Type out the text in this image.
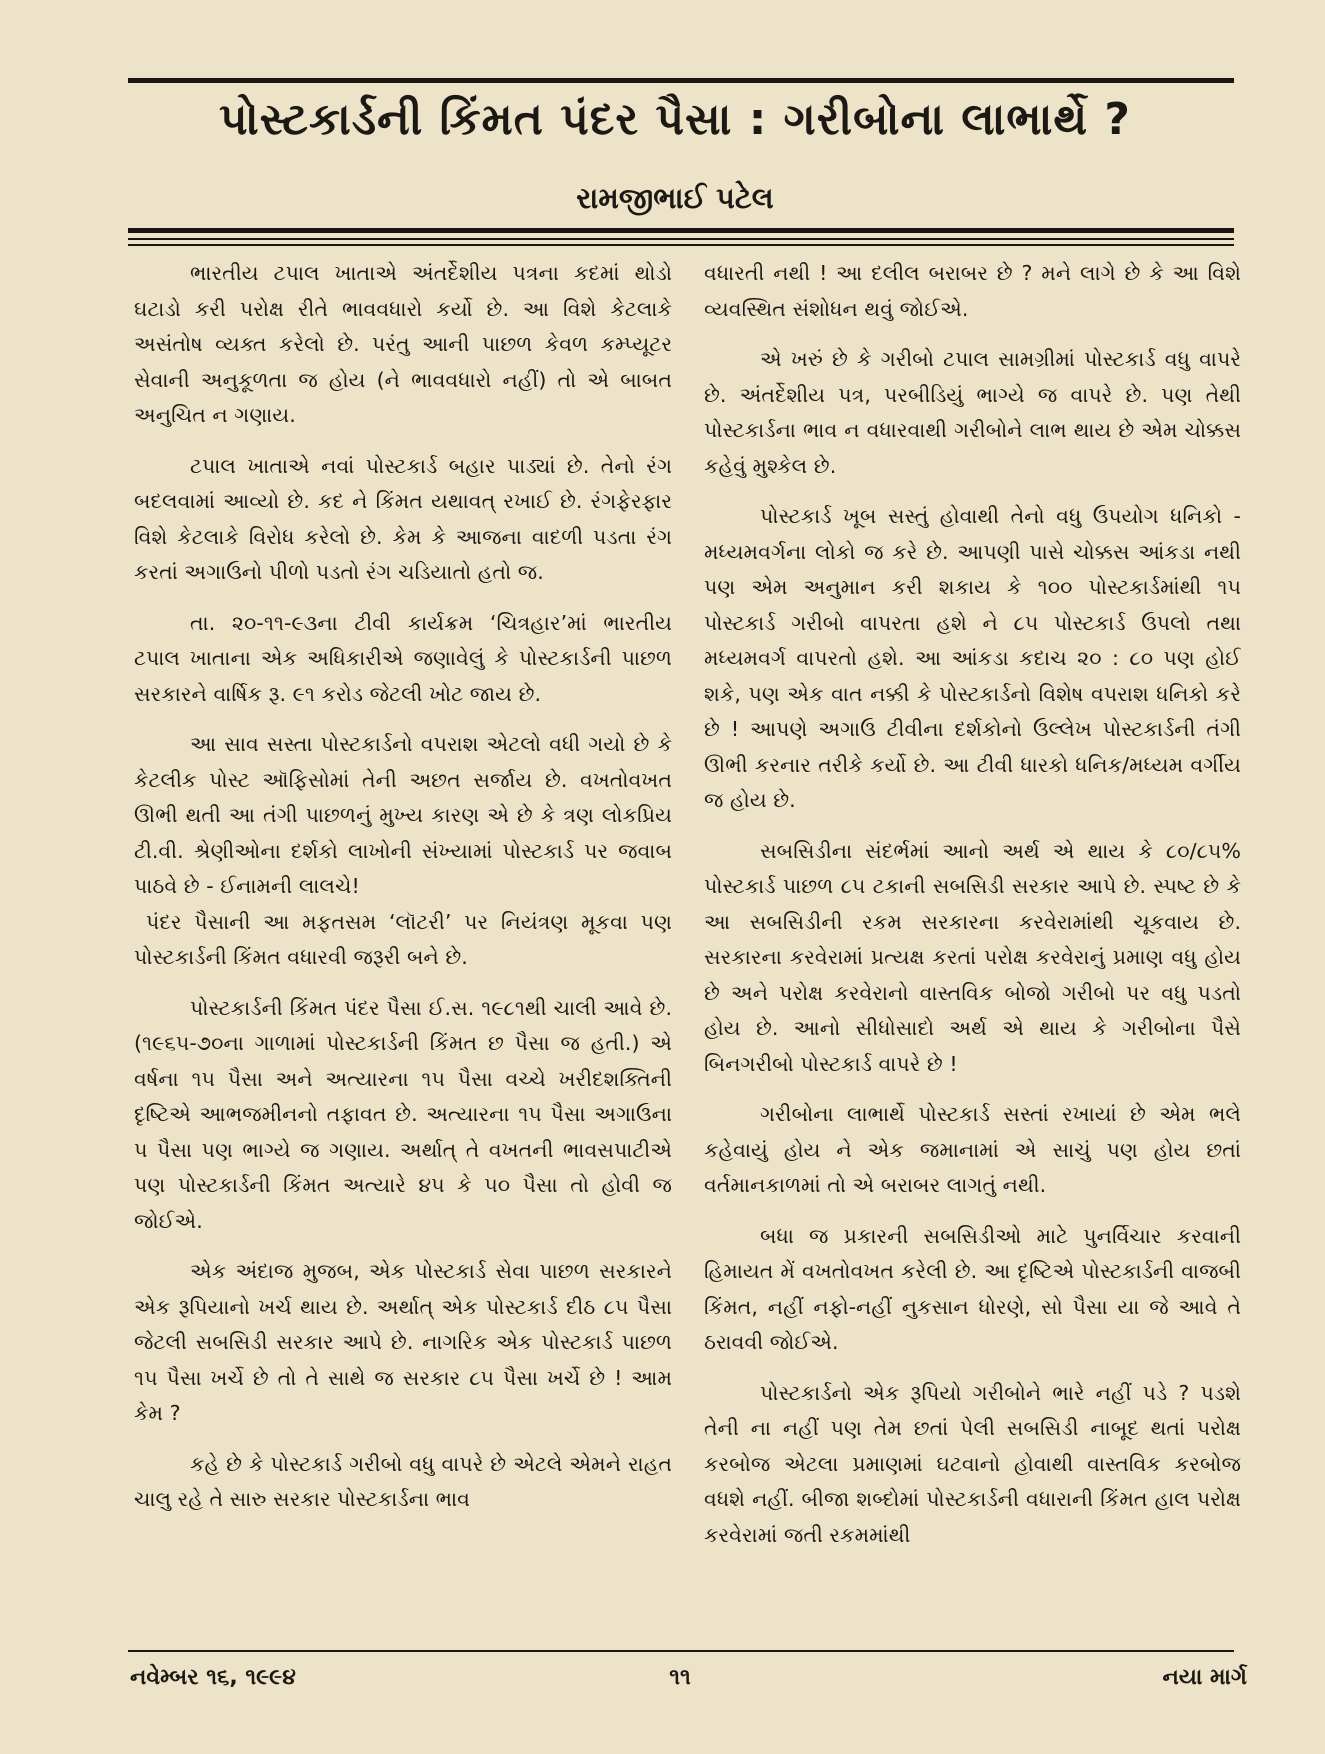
પોસ્ટકાર્ડની કિંમત પંદર પૈસા : ગરીબોના લાભાર્થે ?
રામજીભાઈ પટેલ

ભારતીય ટપાલ ખાતાએ અંતર્દેશીય પત્રના કદમાં થોડો ઘટાડો કરી પરોક્ષ રીતે ભાવવધારો કર્યો છે. આ વિશે કેટલાકે અસંતોષ વ્યક્ત કરેલો છે. પરંતુ આની પાછળ કેવળ કમ્પ્યૂટર સેવાની અનુકૂળતા જ હોય (ને ભાવવધારો નહીં) તો એ બાબત અનુચિત ન ગણાય.

ટપાલ ખાતાએ નવાં પોસ્ટકાર્ડ બહાર પાડ્યાં છે. તેનો રંગ બદલવામાં આવ્યો છે. કદ ને કિંમત યથાવત્ રખાઈ છે. રંગફેરફાર વિશે કેટલાકે વિરોધ કરેલો છે. કેમ કે આજના વાદળી પડતા રંગ કરતાં અગાઉનો પીળો પડતો રંગ ચડિયાતો હતો જ.

તા. ૨૦-૧૧-૯૩ના ટીવી કાર્યક્રમ ‘ચિત્રહાર’માં ભારતીય ટપાલ ખાતાના એક અધિકારીએ જણાવેલું કે પોસ્ટકાર્ડની પાછળ સરકારને વાર્ષિક રૂ. ૯૧ કરોડ જેટલી ખોટ જાય છે.

આ સાવ સસ્તા પોસ્ટકાર્ડનો વપરાશ એટલો વધી ગયો છે કે કેટલીક પોસ્ટ ઑફિસોમાં તેની અછત સર્જાય છે. વખતોવખત ઊભી થતી આ તંગી પાછળનું મુખ્ય કારણ એ છે કે ત્રણ લોકપ્રિય ટી.વી. શ્રેણીઓના દર્શકો લાખોની સંખ્યામાં પોસ્ટકાર્ડ પર જવાબ પાઠવે છે - ઈનામની લાલચે!

પંદર પૈસાની આ મફતસમ ‘લૉટરી’ પર નિયંત્રણ મૂકવા પણ પોસ્ટકાર્ડની કિંમત વધારવી જરૂરી બને છે.

પોસ્ટકાર્ડની કિંમત પંદર પૈસા ઈ.સ. ૧૯૮૧થી ચાલી આવે છે. (૧૯૬૫-૭૦ના ગાળામાં પોસ્ટકાર્ડની કિંમત છ પૈસા જ હતી.) એ વર્ષના ૧૫ પૈસા અને અત્યારના ૧૫ પૈસા વચ્ચે ખરીદશક્તિની દૃષ્ટિએ આભજમીનનો તફાવત છે. અત્યારના ૧૫ પૈસા અગાઉના ૫ પૈસા પણ ભાગ્યે જ ગણાય. અર્થાત્ તે વખતની ભાવસપાટીએ પણ પોસ્ટકાર્ડની કિંમત અત્યારે ૪૫ કે ૫૦ પૈસા તો હોવી જ જોઈએ.

એક અંદાજ મુજબ, એક પોસ્ટકાર્ડ સેવા પાછળ સરકારને એક રૂપિયાનો ખર્ચ થાય છે. અર્થાત્ એક પોસ્ટકાર્ડ દીઠ ૮૫ પૈસા જેટલી સબસિડી સરકાર આપે છે. નાગરિક એક પોસ્ટકાર્ડ પાછળ ૧૫ પૈસા ખર્ચે છે તો તે સાથે જ સરકાર ૮૫ પૈસા ખર્ચે છે ! આમ કેમ ?

કહે છે કે પોસ્ટકાર્ડ ગરીબો વધુ વાપરે છે એટલે એમને રાહત ચાલુ રહે તે સારુ સરકાર પોસ્ટકાર્ડના ભાવ

વધારતી નથી ! આ દલીલ બરાબર છે ? મને લાગે છે કે આ વિશે વ્યવસ્થિત સંશોધન થવું જોઈએ.

એ ખરું છે કે ગરીબો ટપાલ સામગ્રીમાં પોસ્ટકાર્ડ વધુ વાપરે છે. અંતર્દેશીય પત્ર, પરબીડિયું ભાગ્યે જ વાપરે છે. પણ તેથી પોસ્ટકાર્ડના ભાવ ન વધારવાથી ગરીબોને લાભ થાય છે એમ ચોક્કસ કહેવું મુશ્કેલ છે.

પોસ્ટકાર્ડ ખૂબ સસ્તું હોવાથી તેનો વધુ ઉપયોગ ધનિકો - મધ્યમવર્ગના લોકો જ કરે છે. આપણી પાસે ચોક્કસ આંકડા નથી પણ એમ અનુમાન કરી શકાય કે ૧૦૦ પોસ્ટકાર્ડમાંથી ૧૫ પોસ્ટકાર્ડ ગરીબો વાપરતા હશે ને ૮૫ પોસ્ટકાર્ડ ઉપલો તથા મધ્યમવર્ગ વાપરતો હશે. આ આંકડા કદાચ ૨૦ : ૮૦ પણ હોઈ શકે, પણ એક વાત નક્કી કે પોસ્ટકાર્ડનો વિશેષ વપરાશ ધનિકો કરે છે ! આપણે અગાઉ ટીવીના દર્શકોનો ઉલ્લેખ પોસ્ટકાર્ડની તંગી ઊભી કરનાર તરીકે કર્યો છે. આ ટીવી ધારકો ધનિક/મધ્યમ વર્ગીય જ હોય છે.

સબસિડીના સંદર્ભમાં આનો અર્થ એ થાય કે ૮૦/૮૫% પોસ્ટકાર્ડ પાછળ ૮૫ ટકાની સબસિડી સરકાર આપે છે. સ્પષ્ટ છે કે આ સબસિડીની રકમ સરકારના કરવેરામાંથી ચૂકવાય છે. સરકારના કરવેરામાં પ્રત્યક્ષ કરતાં પરોક્ષ કરવેરાનું પ્રમાણ વધુ હોય છે અને પરોક્ષ કરવેરાનો વાસ્તવિક બોજો ગરીબો પર વધુ પડતો હોય છે. આનો સીધોસાદો અર્થ એ થાય કે ગરીબોના પૈસે બિનગરીબો પોસ્ટકાર્ડ વાપરે છે !

ગરીબોના લાભાર્થે પોસ્ટકાર્ડ સસ્તાં રખાયાં છે એમ ભલે કહેવાયું હોય ને એક જમાનામાં એ સાચું પણ હોય છતાં વર્તમાનકાળમાં તો એ બરાબર લાગતું નથી.

બધા જ પ્રકારની સબસિડીઓ માટે પુનર્વિચાર કરવાની હિમાયત મેં વખતોવખત કરેલી છે. આ દૃષ્ટિએ પોસ્ટકાર્ડની વાજબી કિંમત, નહીં નફો-નહીં નુકસાન ધોરણે, સો પૈસા યા જે આવે તે ઠરાવવી જોઈએ.

પોસ્ટકાર્ડનો એક રૂપિયો ગરીબોને ભારે નહીં પડે ? પડશે તેની ના નહીં પણ તેમ છતાં પેલી સબસિડી નાબૂદ થતાં પરોક્ષ કરબોજ એટલા પ્રમાણમાં ઘટવાનો હોવાથી વાસ્તવિક કરબોજ વધશે નહીં. બીજા શબ્દોમાં પોસ્ટકાર્ડની વધારાની કિંમત હાલ પરોક્ષ કરવેરામાં જતી રકમમાંથી

નવેમ્બર ૧૬, ૧૯૯૪	૧૧	નયા માર્ગ
